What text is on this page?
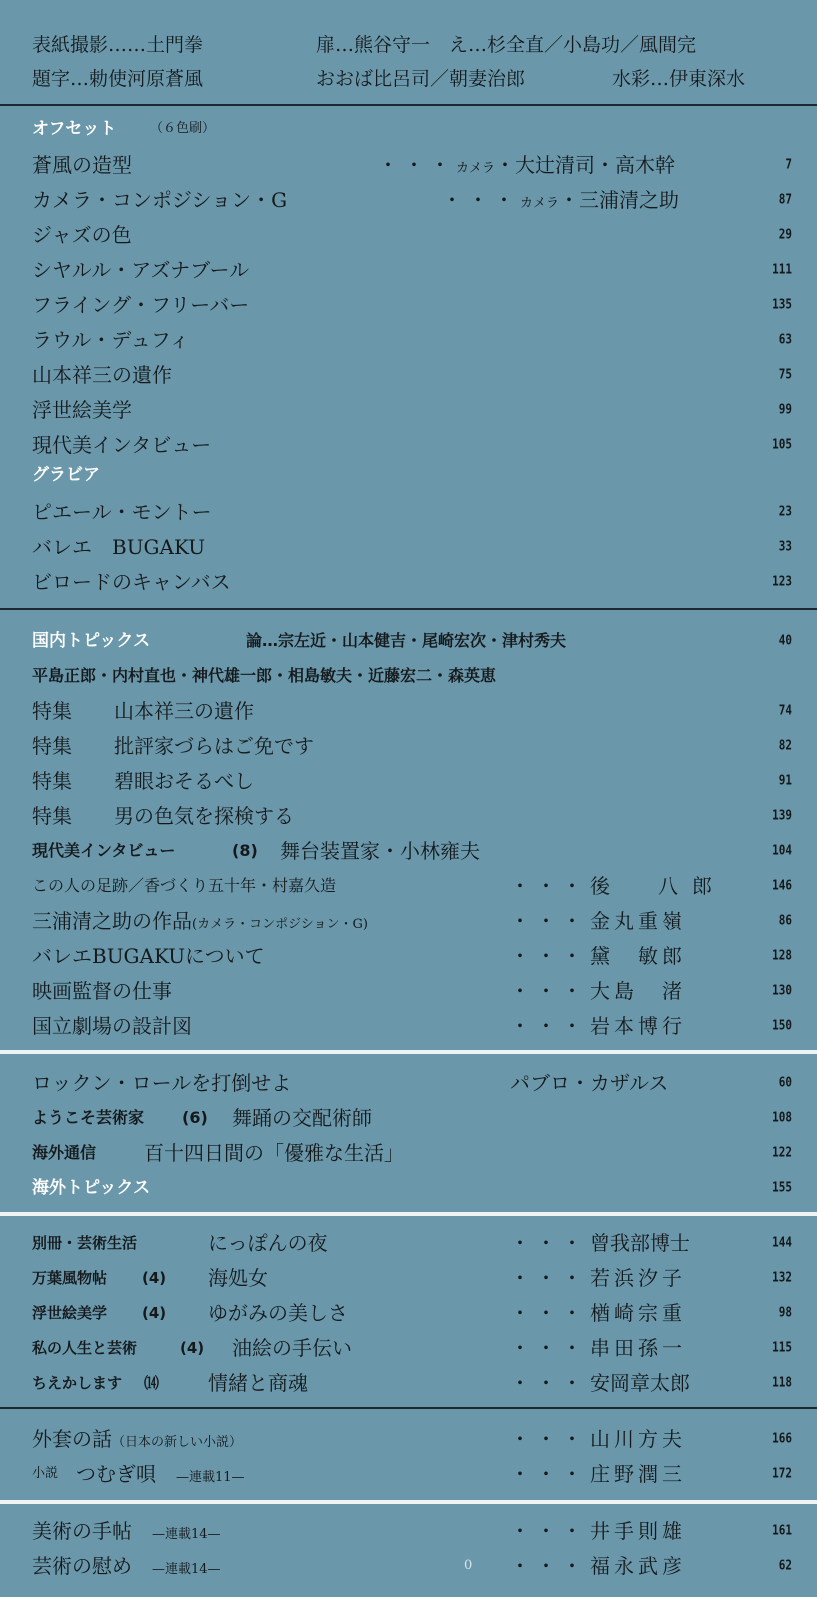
表紙撮影……土門拳	扉…熊谷守一　え…杉全直／小島功／風間完
題字…勅使河原蒼風	おおば比呂司／朝妻治郎	水彩…伊東深水
オフセット	（６色刷）
蒼風の造型	・・・カメラ・大辻清司・高木幹	7
カメラ・コンポジション・G	・・・カメラ・三浦清之助	87
ジャズの色	29
シヤルル・アズナブール	111
フライング・フリーバー	135
ラウル・デュフィ	63
山本祥三の遺作	75
浮世絵美学	99
現代美インタビュー	105
グラビア
ピエール・モントー	23
バレエ　BUGAKU	33
ビロードのキャンバス	123
国内トピックス	論…宗左近・山本健吉・尾崎宏次・津村秀夫	40
平島正郎・内村直也・神代雄一郎・相島敏夫・近藤宏二・森英恵
特集 山本祥三の遺作	74
特集 批評家づらはご免です	82
特集 碧眼おそるべし	91
特集 男の色気を探検する	139
現代美インタビュー	(8) 舞台装置家・小林雍夫	104
この人の足跡／香づくり五十年・村嘉久造	・・・ 後　八郎	146
三浦清之助の作品(カメラ・コンポジション・G)	・・・ 金丸重嶺	86
バレエBUGAKUについて	・・・ 黛　敏郎	128
映画監督の仕事	・・・ 大島　渚	130
国立劇場の設計図	・・・ 岩本博行	150
ロックン・ロールを打倒せよ	パブロ・カザルス	60
ようこそ芸術家 (6) 舞踊の交配術師	108
海外通信 百十四日間の「優雅な生活」	122
海外トピックス	155
別冊・芸術生活	にっぽんの夜	・・・ 曾我部博士	144
万葉風物帖 (4) 海処女	・・・ 若浜汐子	132
浮世絵美学 (4) ゆがみの美しさ	・・・ 楢崎宗重	98
私の人生と芸術	(4) 油絵の手伝い	・・・ 串田孫一	115
ちえかします ⒁ 情緒と商魂	・・・ 安岡章太郎	118
外套の話（日本の新しい小説）	・・・ 山川方夫	166
小説 つむぎ唄　 —連載11—	・・・ 庄野潤三	172
美術の手帖　 —連載14—	・・・ 井手則雄	161
芸術の慰め　 —連載14—	0 ・・・ 福永武彦	62
